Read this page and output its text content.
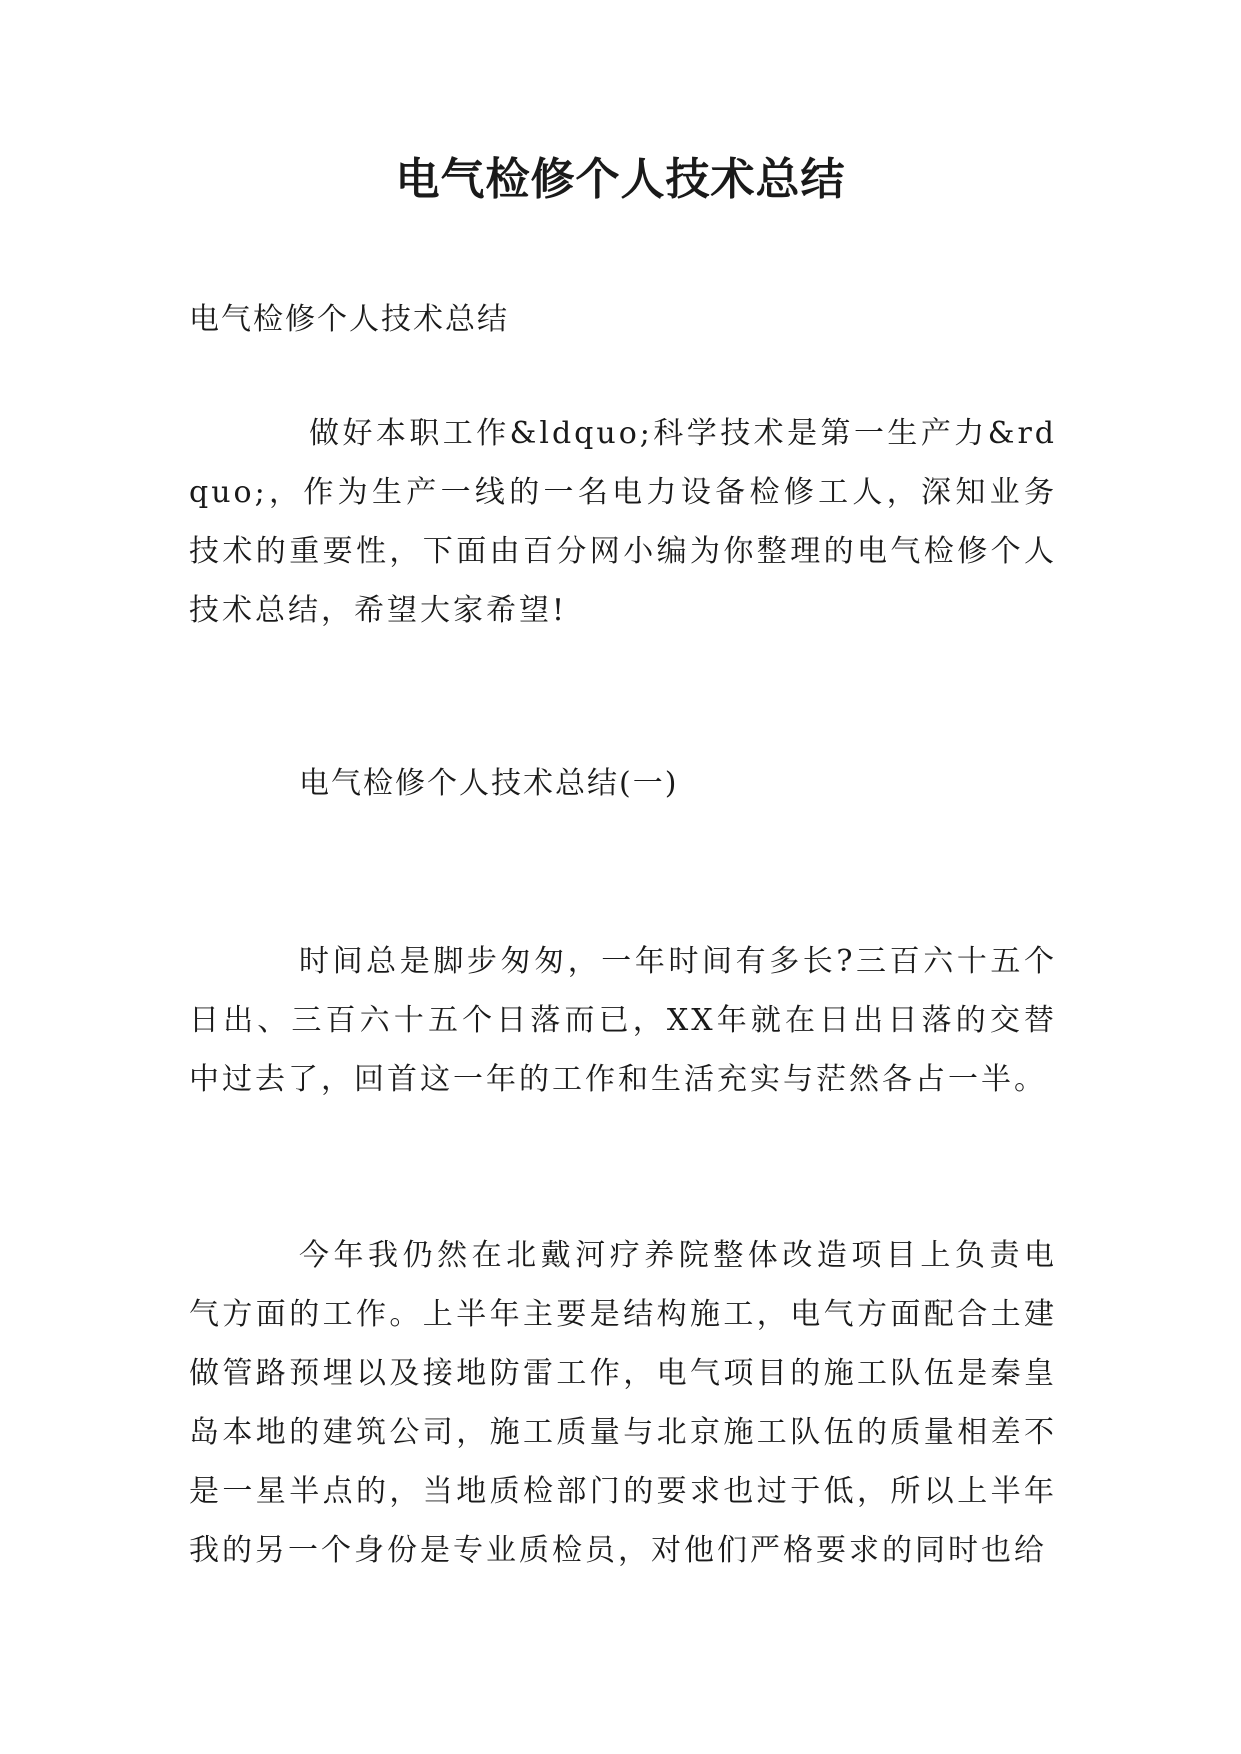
电气检修个人技术总结
电气检修个人技术总结
做好本职工作&ldquo;科学技术是第一生产力&rdquo;，作为生产一线的一名电力设备检修工人，深知业务技术的重要性，下面由百分网小编为你整理的电气检修个人技术总结，希望大家希望!
电气检修个人技术总结(一)
时间总是脚步匆匆，一年时间有多长?三百六十五个日出、三百六十五个日落而已，XX年就在日出日落的交替中过去了，回首这一年的工作和生活充实与茫然各占一半。
今年我仍然在北戴河疗养院整体改造项目上负责电气方面的工作。上半年主要是结构施工，电气方面配合土建做管路预埋以及接地防雷工作，电气项目的施工队伍是秦皇岛本地的建筑公司，施工质量与北京施工队伍的质量相差不是一星半点的，当地质检部门的要求也过于低，所以上半年我的另一个身份是专业质检员，对他们严格要求的同时也给
